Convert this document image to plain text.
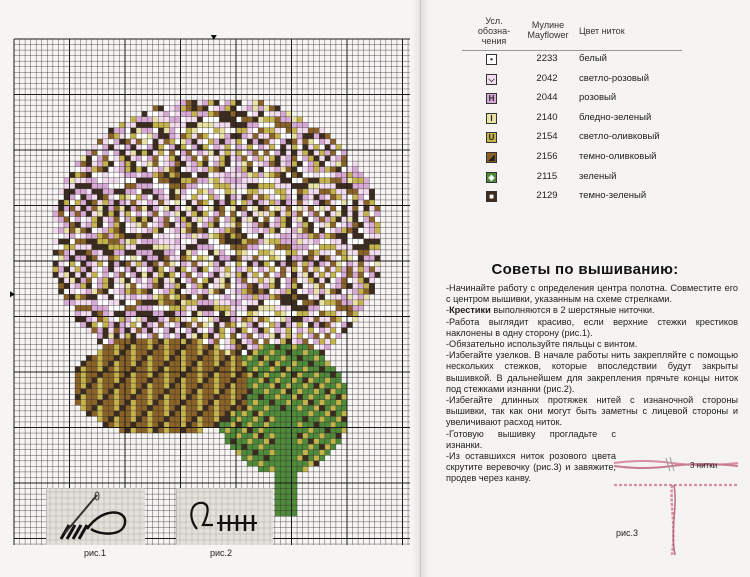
рис.1	рис.2
Усл. обозна-чения
Мулине Mayflower	Цвет ниток
•	2233	белый
⌵	2042	светло-розовый
H	2044	розовый
I	2140	бледно-зеленый
U	2154	светло-оливковый
◢	2156	темно-оливковый
◈	2115	зеленый
■	2129	темно-зеленый
Советы по вышиванию:

-Начинайте работу с определения центра полотна. Совместите его с центром вышивки, указанным на схеме стрелками.

-Крестики выполняются в 2 шерстяные ниточки.

-Работа выглядит красиво, если верхние стежки крестиков наклонены в одну сторону (рис.1).

-Обязательно используйте пяльцы с винтом.

-Избегайте узелков. В начале работы нить закрепляйте с помощью нескольких стежков, которые впоследствии будут закрыты вышивкой. В дальнейшем для закрепления прячьте концы ниток под стежками изнанки (рис.2).

-Избегайте длинных протяжек нитей с изнаночной стороны вышивки, так как они могут быть заметны с лицевой стороны и увеличивают расход ниток.

-Готовую вышивку прогладьте с изнанки.

-Из оставшихся ниток розового цвета скрутите веревочку (рис.3) и завяжите, продев через канву.

3 нитки
рис.3
